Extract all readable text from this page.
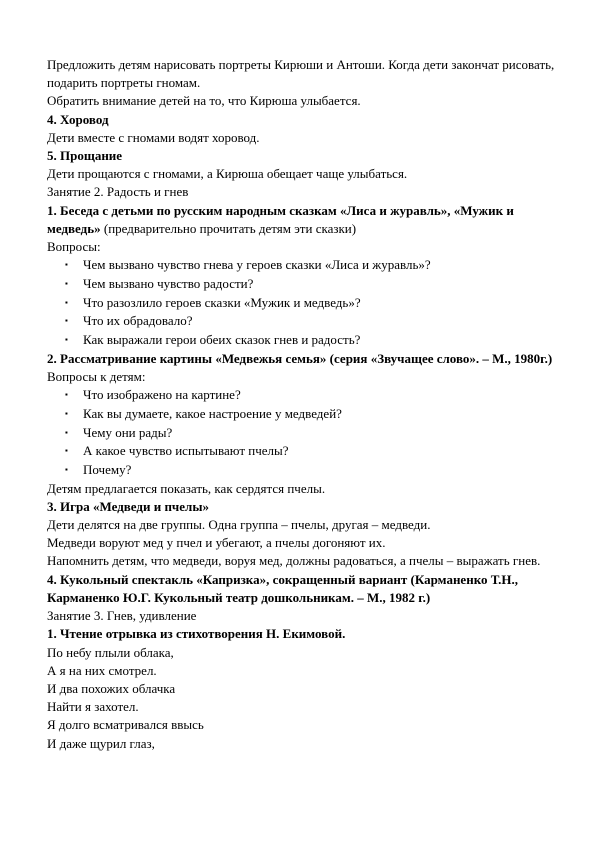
Предложить детям нарисовать портреты Кирюши и Антоши. Когда дети закончат рисовать, подарить портреты гномам.

Обратить внимание детей на то, что Кирюша улыбается.

4. Хоровод

Дети вместе с гномами водят хоровод.

5. Прощание

Дети прощаются с гномами, а Кирюша обещает чаще улыбаться.

Занятие 2. Радость и гнев

1. Беседа с детьми по русским народным сказкам «Лиса и журавль», «Мужик и медведь» (предварительно прочитать детям эти сказки)

Вопросы:

▪ Чем вызвано чувство гнева у героев сказки «Лиса и журавль»?
▪ Чем вызвано чувство радости?
▪ Что разозлило героев сказки «Мужик и медведь»?
▪ Что их обрадовало?
▪ Как выражали герои обеих сказок гнев и радость?

2. Рассматривание картины «Медвежья семья» (серия «Звучащее слово». – М., 1980г.)

Вопросы к детям:

▪ Что изображено на картине?
▪ Как вы думаете, какое настроение у медведей?
▪ Чему они рады?
▪ А какое чувство испытывают пчелы?
▪ Почему?

Детям предлагается показать, как сердятся пчелы.

3. Игра «Медведи и пчелы»

Дети делятся на две группы. Одна группа – пчелы, другая – медведи.

Медведи воруют мед у пчел и убегают, а пчелы догоняют их.

Напомнить детям, что медведи, воруя мед, должны радоваться, а пчелы – выражать гнев.

4. Кукольный спектакль «Капризка», сокращенный вариант (Карманенко Т.Н., Карманенко Ю.Г. Кукольный театр дошкольникам. – М., 1982 г.)

Занятие 3. Гнев, удивление

1. Чтение отрывка из стихотворения Н. Екимовой.

По небу плыли облака,

А я на них смотрел.

И два похожих облачка

Найти я захотел.

Я долго всматривался ввысь

И даже щурил глаз,
